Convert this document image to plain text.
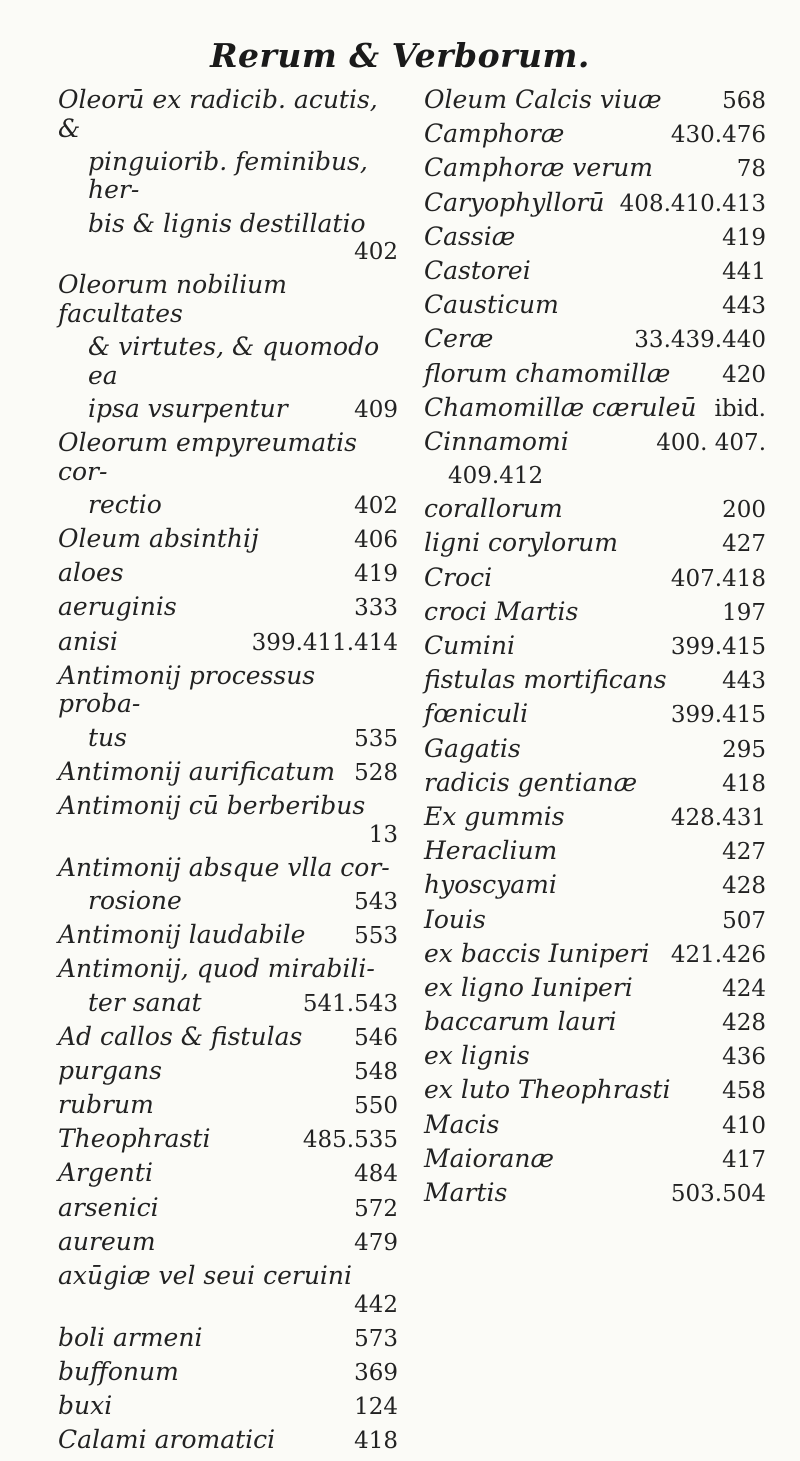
Rerum & Verborum.
Oleorū ex radicib. acutis, &
pinguiorib. feminibus, her-
bis & lignis destillatio
402
Oleorum nobilium facultates
& virtutes, & quomodo ea
ipsa vsurpentur	409
Oleorum empyreumatis cor-
rectio	402
Oleum absinthij	406
aloes	419
aeruginis	333
anisi	399.411.414
Antimonij processus proba-
tus	535
Antimonij aurificatum 528
Antimonij cū berberibus
13
Antimonij absque vlla cor-
rosione	543
Antimonij laudabile	553
Antimonij, quod mirabili-
ter sanat	541.543
Ad callos & fistulas	546
purgans	548
rubrum	550
Theophrasti	485.535
Argenti	484
arsenici	572
aureum	479
axūgiæ vel seui ceruini
442
boli armeni	573
buffonum	369
buxi	124
Calami aromatici	418
Oleum Calcis viuæ	568
Camphoræ	430.476
Camphoræ verum	78
Caryophyllorū 408.410.413
Cassiæ	419
Castorei	441
Causticum	443
Ceræ	33.439.440
florum chamomillæ	420
Chamomillæ cæruleū ibid.
Cinnamomi	400. 407.
409.412
corallorum	200
ligni corylorum	427
Croci	407.418
croci Martis	197
Cumini	399.415
fistulas mortificans	443
fœniculi	399.415
Gagatis	295
radicis gentianæ	418
Ex gummis	428.431
Heraclium	427
hyoscyami	428
Iouis	507
ex baccis Iuniperi 421.426
ex ligno Iuniperi	424
baccarum lauri	428
ex lignis	436
ex luto Theophrasti	458
Macis	410
Maioranæ	417
Martis	503.504
